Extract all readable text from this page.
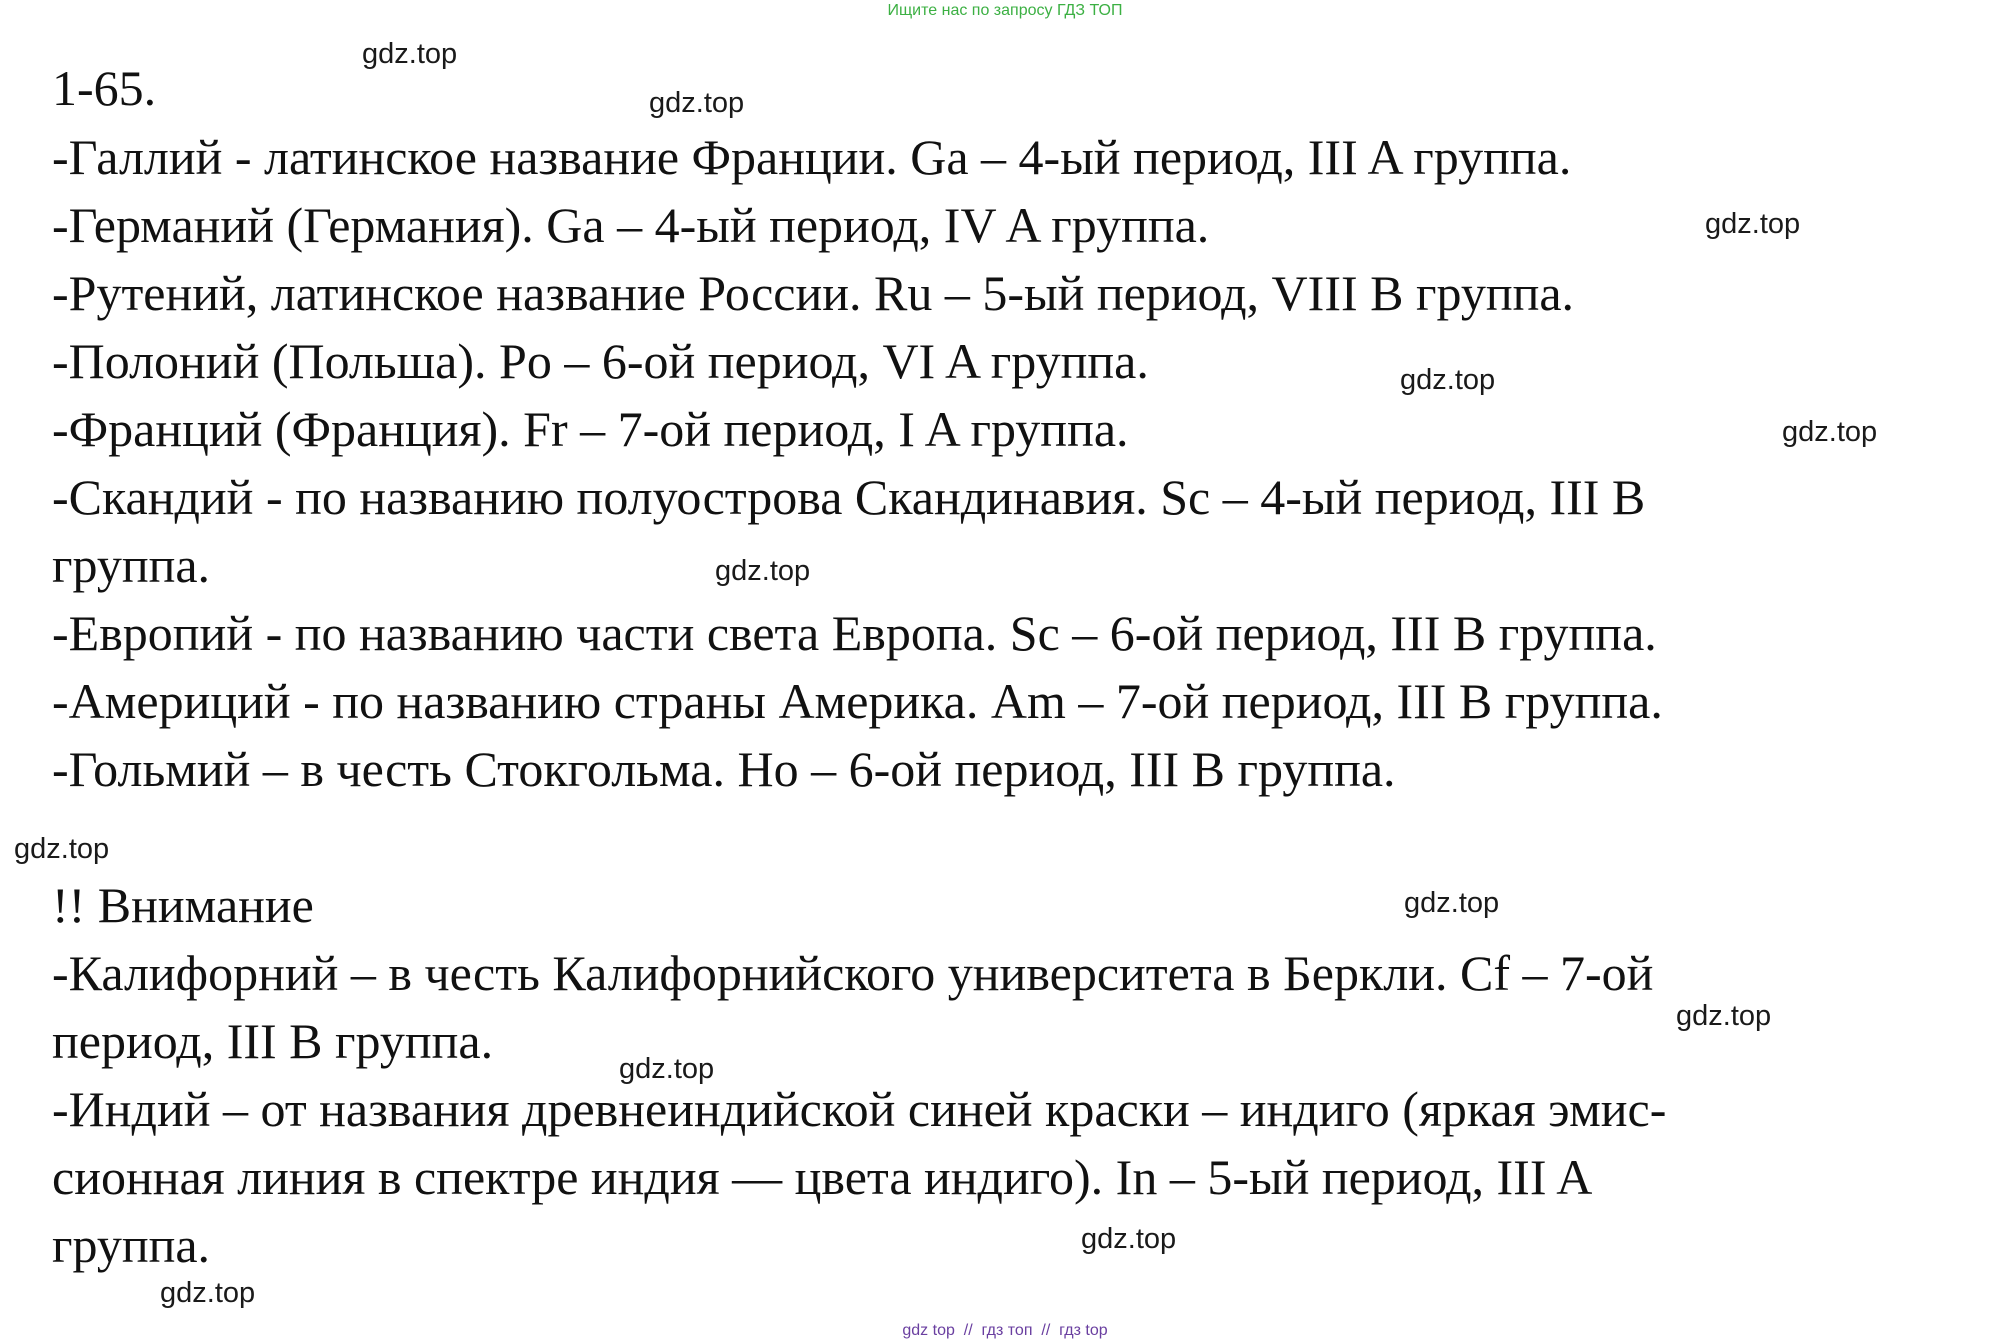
Ищите нас по запросу ГДЗ ТОП
1-65.
-Галлий - латинское название Франции. Ga – 4-ый период, III A группа.
-Германий (Германия). Ga – 4-ый период, IV A группа.
-Рутений, латинское название России. Ru – 5-ый период, VIII B группа.
-Полоний (Польша). Po – 6-ой период, VI A группа.
-Франций (Франция). Fr – 7-ой период, I A группа.
-Скандий - по названию полуострова Скандинавия. Sc – 4-ый период, III B
группа.
-Европий - по названию части света Европа. Sc – 6-ой период, III B группа.
-Америций - по названию страны Америка. Am – 7-ой период, III B группа.
-Гольмий – в честь Стокгольма. Ho – 6-ой период, III B группа.
!! Внимание
-Калифорний – в честь Калифорнийского университета в Беркли. Cf – 7-ой
период, III B группа.
-Индий – от названия древнеиндийской синей краски – индиго (яркая эмис-
сионная линия в спектре индия — цвета индиго). In – 5-ый период, III A
группа.
gdz.top
gdz.top
gdz.top
gdz.top
gdz.top
gdz.top
gdz.top
gdz.top
gdz.top
gdz.top
gdz.top
gdz.top
gdz top  //  гдз топ  //  гдз top
